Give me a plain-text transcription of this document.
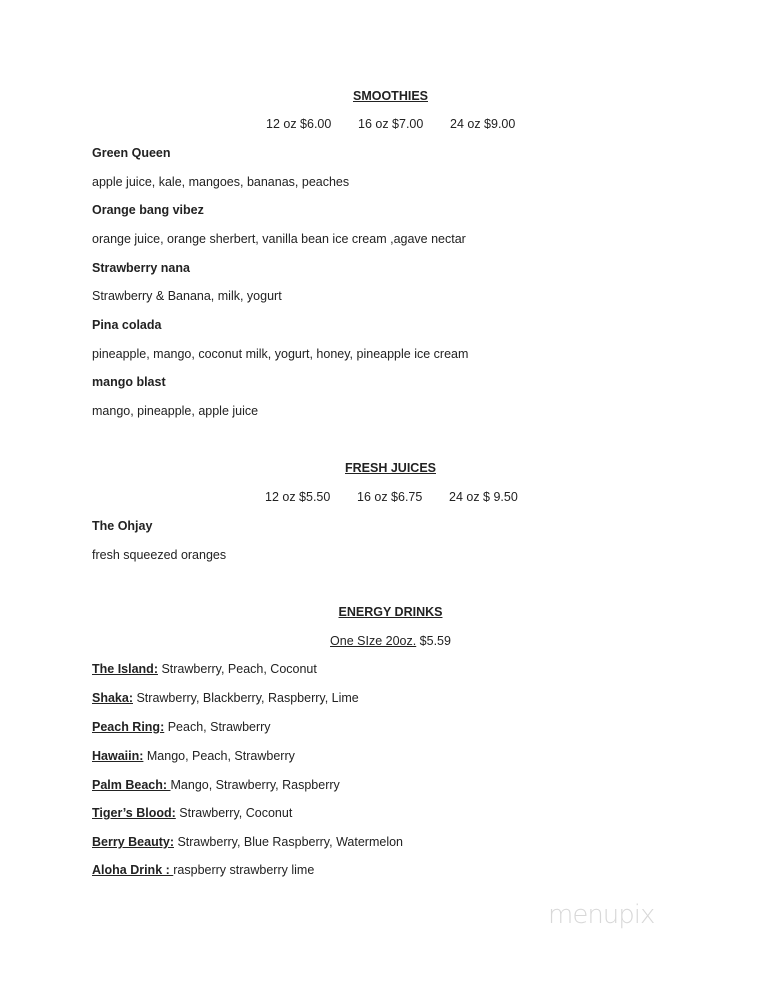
SMOOTHIES
12 oz $6.00 16 oz $7.00 24 oz $9.00
Green Queen
apple juice, kale, mangoes, bananas, peaches
Orange bang vibez
orange juice, orange sherbert, vanilla bean ice cream ,agave nectar
Strawberry nana
Strawberry & Banana, milk, yogurt
Pina colada
pineapple, mango, coconut milk, yogurt, honey, pineapple ice cream
mango blast
mango, pineapple, apple juice
FRESH JUICES
12 oz $5.50 16 oz $6.75 24 oz $ 9.50
The Ohjay
fresh squeezed oranges
ENERGY DRINKS
One SIze 20oz. $5.59
The Island: Strawberry, Peach, Coconut
Shaka: Strawberry, Blackberry, Raspberry, Lime
Peach Ring: Peach, Strawberry
Hawaiin: Mango, Peach, Strawberry
Palm Beach: Mango, Strawberry, Raspberry
Tiger’s Blood: Strawberry, Coconut
Berry Beauty: Strawberry, Blue Raspberry, Watermelon
Aloha Drink : raspberry strawberry lime
menupix
